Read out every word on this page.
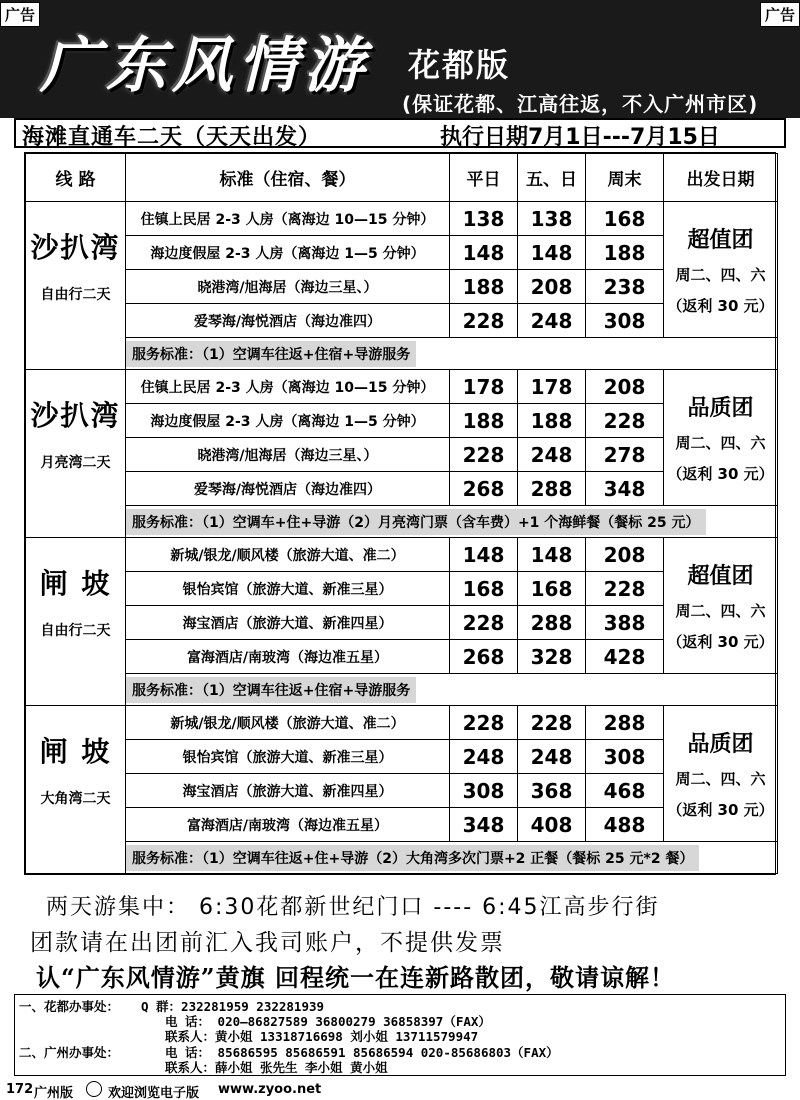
广告	广告
广东风情游 花都版
(保证花都、江高往返，不入广州市区)
海滩直通车二天（天天出发）	执行日期7月1日---7月15日
线 路	标准（住宿、餐）	平日	五、日	周末	出发日期

沙扒湾
自由行二天	住镇上民居 2-3 人房（离海边 10—15 分钟）	138	138	168	超值团
周二、四、六
（返利 30 元）

	海边度假屋 2-3 人房（离海边 1—5 分钟）	148	148	188	
	晓港湾/旭海居（海边三星、）	188	208	238	
	爱琴海/海悦酒店（海边准四）	228	248	308	
	服务标准：（1）空调车往返+住宿+导游服务				

沙扒湾
月亮湾二天	住镇上民居 2-3 人房（离海边 10—15 分钟）	178	178	208	品质团
周二、四、六
（返利 30 元）

	海边度假屋 2-3 人房（离海边 1—5 分钟）	188	188	228	
	晓港湾/旭海居（海边三星、）	228	248	278	
	爱琴海/海悦酒店（海边准四）	268	288	348	
	服务标准：（1）空调车+住+导游（2）月亮湾门票（含车费）+1 个海鲜餐（餐标 25 元）				

闸 坡
自由行二天	新城/银龙/顺风楼（旅游大道、准二）	148	148	208	超值团
周二、四、六
（返利 30 元）

	银怡宾馆（旅游大道、新准三星）	168	168	228	
	海宝酒店（旅游大道、新准四星）	228	288	388	
	富海酒店/南玻湾（海边准五星）	268	328	428	
	服务标准：（1）空调车往返+住宿+导游服务				

闸 坡
大角湾二天	新城/银龙/顺风楼（旅游大道、准二）	228	228	288	品质团
周二、四、六
（返利 30 元）

	银怡宾馆（旅游大道、新准三星）	248	248	308	
	海宝酒店（旅游大道、新准四星）	308	368	468	
	富海酒店/南玻湾（海边准五星）	348	408	488	
	服务标准：（1）空调车往返+住+导游（2）大角湾多次门票+2 正餐（餐标 25 元*2 餐）				
两天游集中： 6:30花都新世纪门口 ---- 6:45江高步行街
团款请在出团前汇入我司账户，不提供发票
认“广东风情游”黄旗 回程统一在连新路散团，敬请谅解！
一、花都办事处： Q 群：232281959 232281939
电 话： 020—86827589 36800279 36858397（FAX）
联系人：黄小姐 13318716698 刘小姐 13711579947
二、广州办事处：	电 话： 85686595 85686591 85686594 020-85686803（FAX）
联系人：薛小姐 张先生 李小姐 黄小姐
172 广州版	欢迎浏览电子版 www.zyoo.net
